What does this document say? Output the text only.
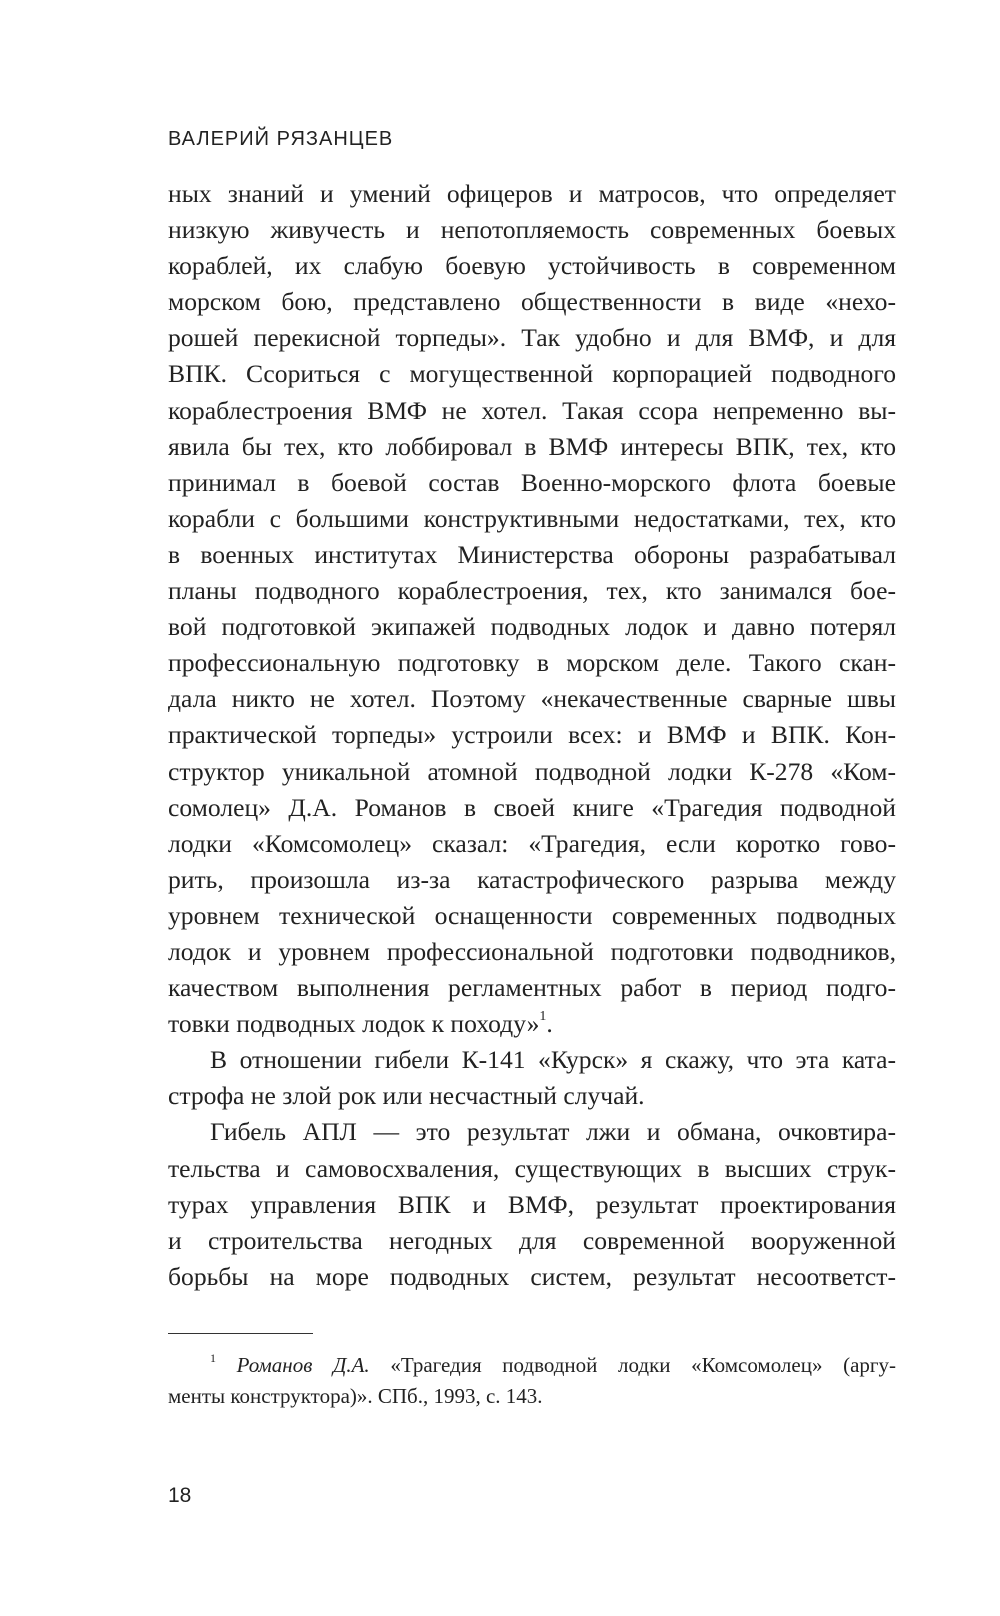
ВАЛЕРИЙ РЯЗАНЦЕВ
ных знаний и умений офицеров и матросов, что определяет
низкую живучесть и непотопляемость современных боевых
кораблей, их слабую боевую устойчивость в современном
морском бою, представлено общественности в виде «нехо-
рошей перекисной торпеды». Так удобно и для ВМФ, и для
ВПК. Ссориться с могущественной корпорацией подводного
кораблестроения ВМФ не хотел. Такая ссора непременно вы-
явила бы тех, кто лоббировал в ВМФ интересы ВПК, тех, кто
принимал в боевой состав Военно-морского флота боевые
корабли с большими конструктивными недостатками, тех, кто
в военных институтах Министерства обороны разрабатывал
планы подводного кораблестроения, тех, кто занимался бое-
вой подготовкой экипажей подводных лодок и давно потерял
профессиональную подготовку в морском деле. Такого скан-
дала никто не хотел. Поэтому «некачественные сварные швы
практической торпеды» устроили всех: и ВМФ и ВПК. Кон-
структор уникальной атомной подводной лодки К-278 «Ком-
сомолец» Д.А. Романов в своей книге «Трагедия подводной
лодки «Комсомолец» сказал: «Трагедия, если коротко гово-
рить, произошла из-за катастрофического разрыва между
уровнем технической оснащенности современных подводных
лодок и уровнем профессиональной подготовки подводников,
качеством выполнения регламентных работ в период подго-
товки подводных лодок к походу»$^1$.
В отношении гибели К-141 «Курск» я скажу, что эта ката-
строфа не злой рок или несчастный случай.
Гибель АПЛ — это результат лжи и обмана, очковтира-
тельства и самовосхваления, существующих в высших струк-
турах управления ВПК и ВМФ, результат проектирования
и строительства негодных для современной вооруженной
борьбы на море подводных систем, результат несоответст-
$^1$ Романов Д.А. «Трагедия подводной лодки «Комсомолец» (аргу-
менты конструктора)». СПб., 1993, с. 143.
18
